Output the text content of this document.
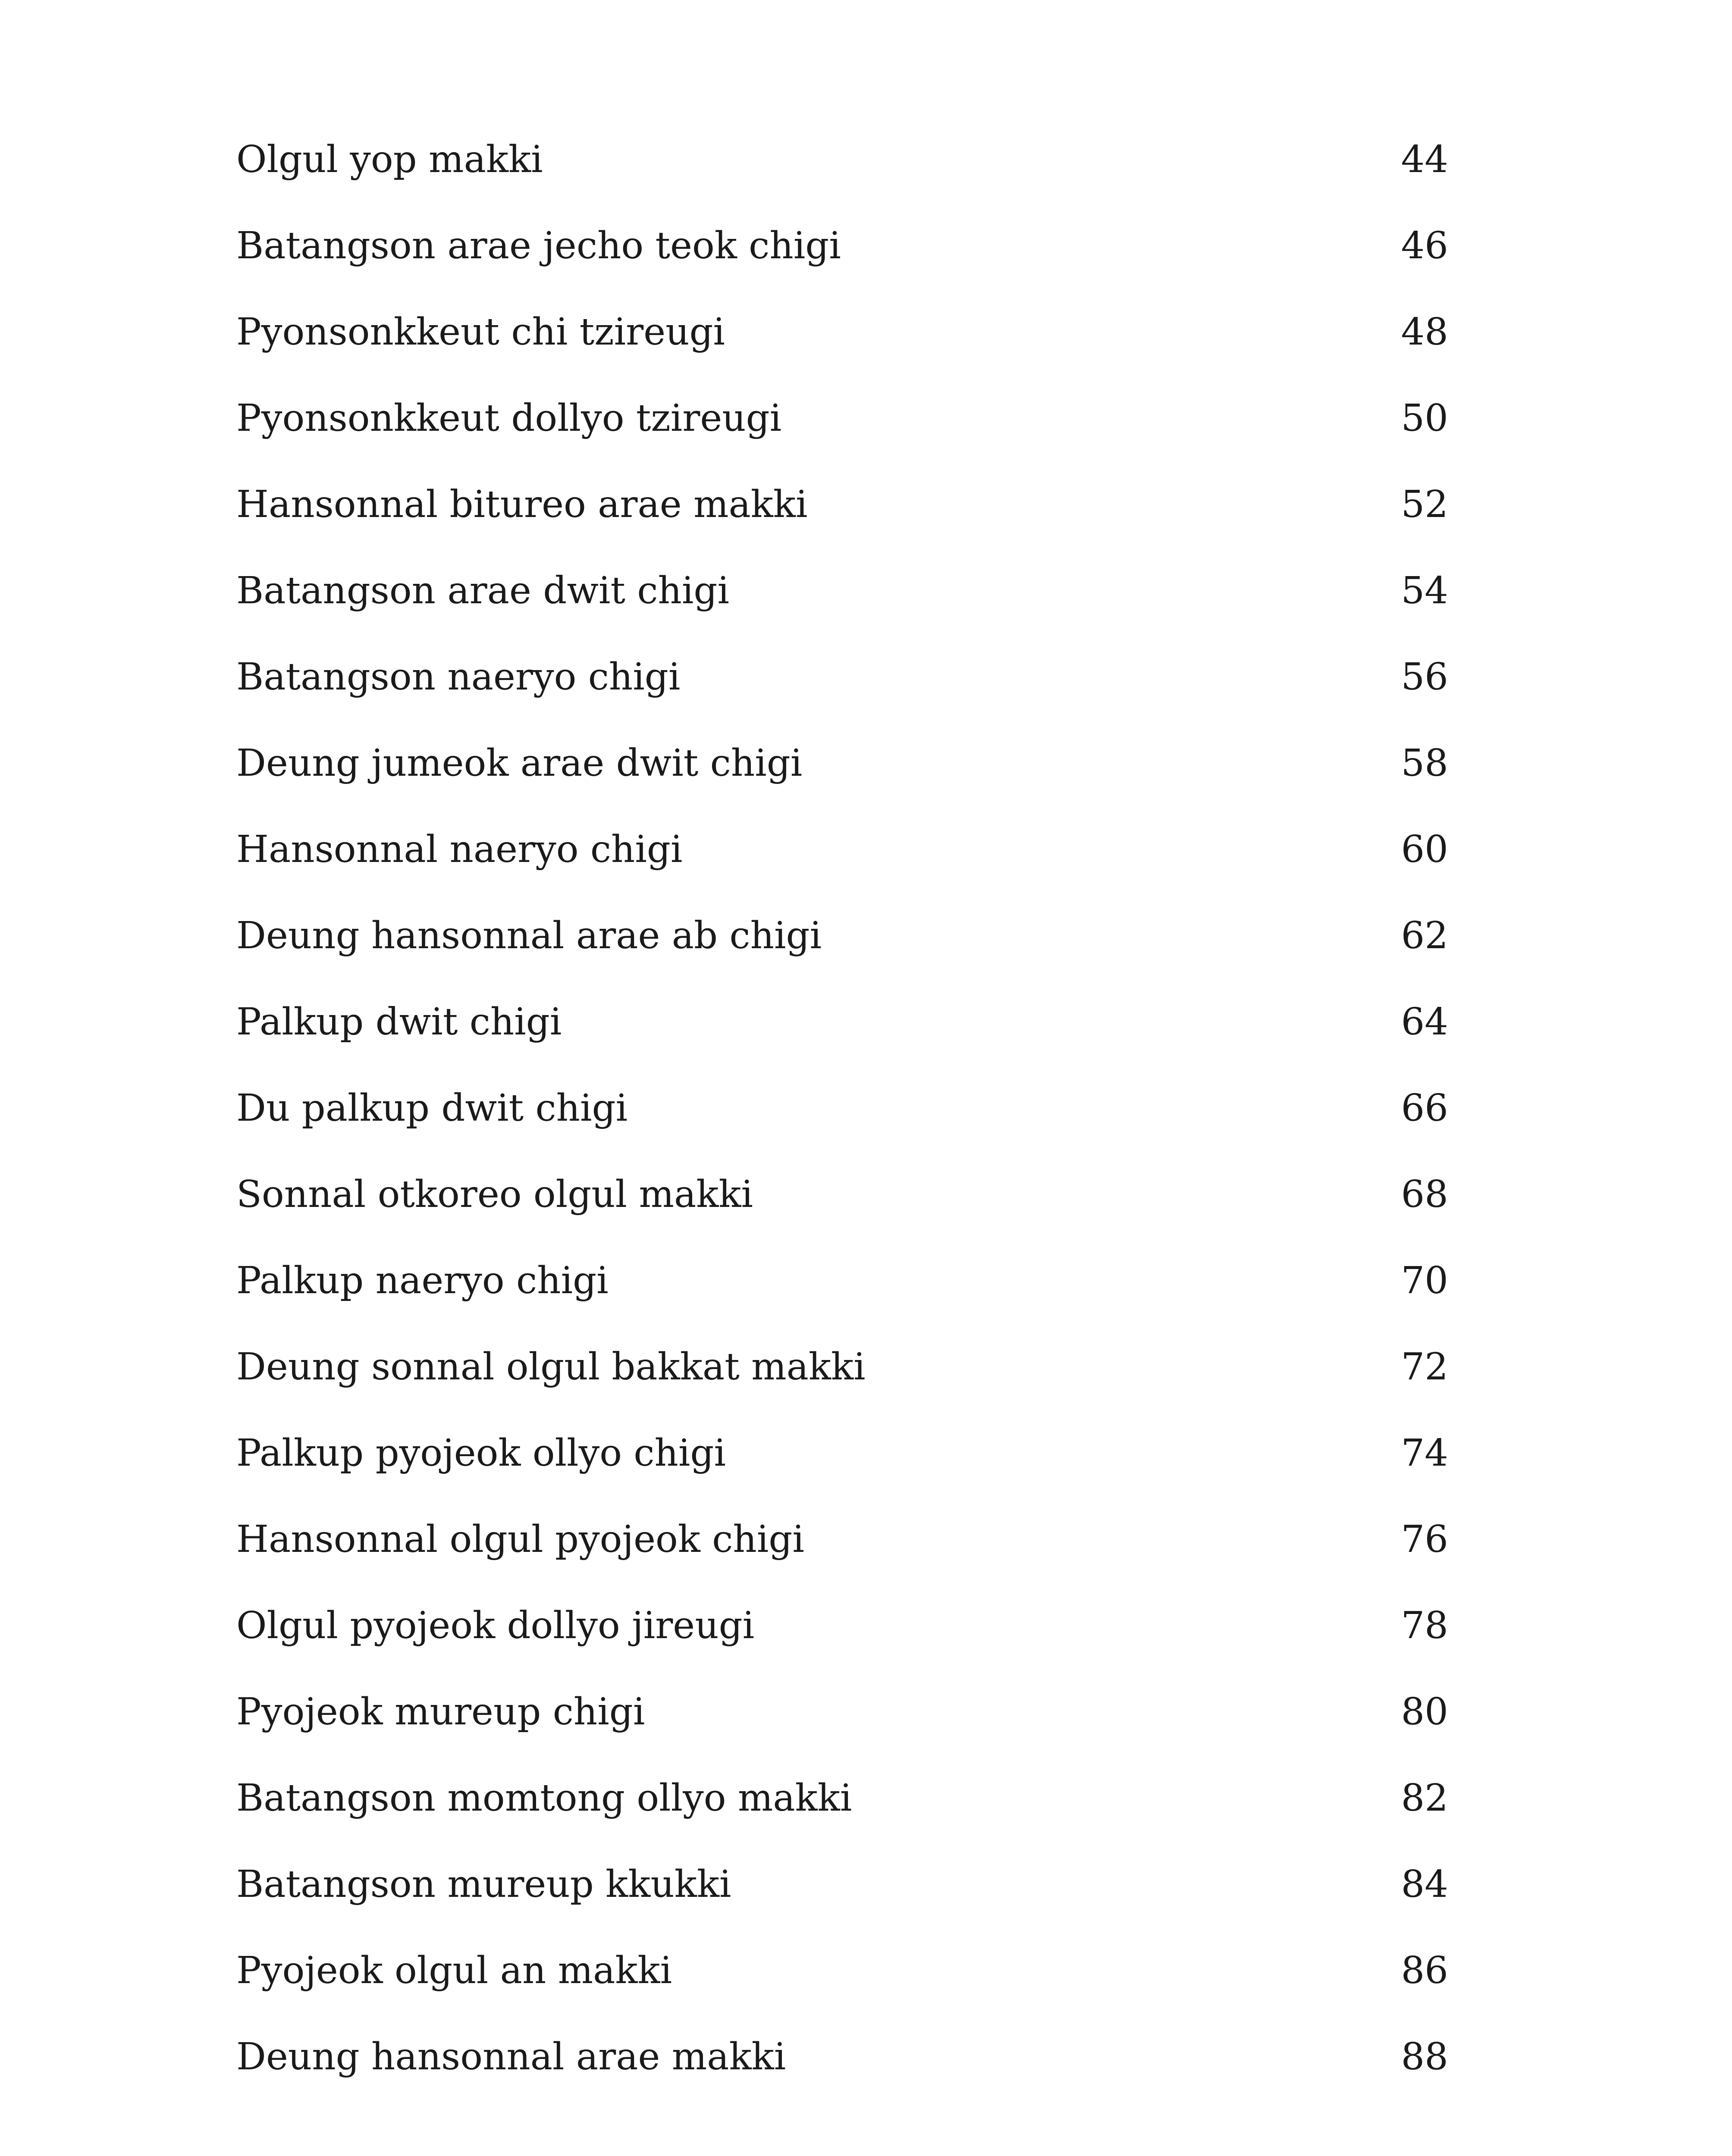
Olgul yop makki	44
Batangson arae jecho teok chigi	46
Pyonsonkkeut chi tzireugi	48
Pyonsonkkeut dollyo tzireugi	50
Hansonnal bitureo arae makki	52
Batangson arae dwit chigi	54
Batangson naeryo chigi	56
Deung jumeok arae dwit chigi	58
Hansonnal naeryo chigi	60
Deung hansonnal arae ab chigi	62
Palkup dwit chigi	64
Du palkup dwit chigi	66
Sonnal otkoreo olgul makki	68
Palkup naeryo chigi	70
Deung sonnal olgul bakkat makki	72
Palkup pyojeok ollyo chigi	74
Hansonnal olgul pyojeok chigi	76
Olgul pyojeok dollyo jireugi	78
Pyojeok mureup chigi	80
Batangson momtong ollyo makki	82
Batangson mureup kkukki	84
Pyojeok olgul an makki	86
Deung hansonnal arae makki	88
